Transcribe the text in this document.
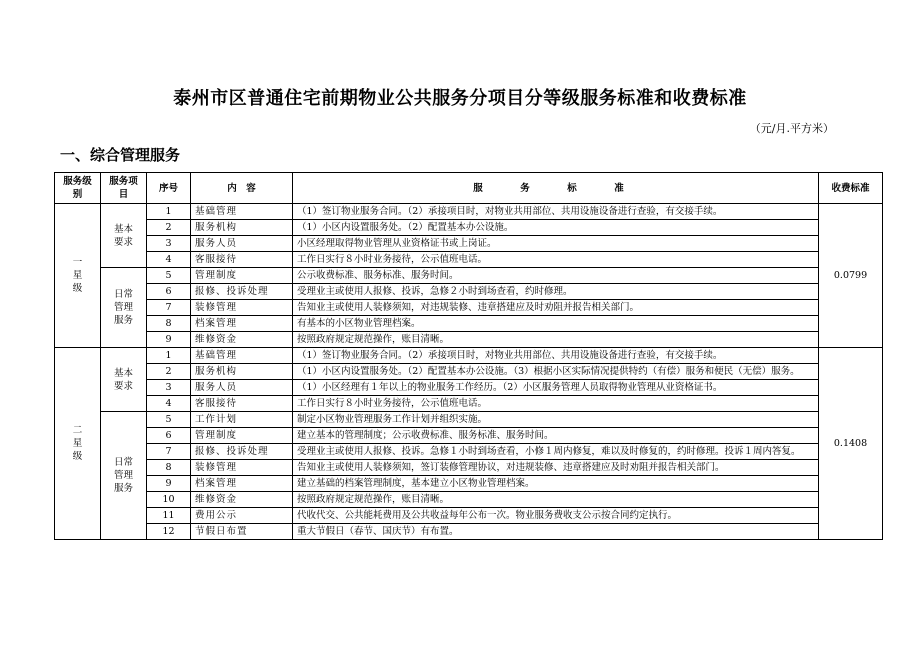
泰州市区普通住宅前期物业公共服务分项目分等级服务标准和收费标准
（元/月.平方米）
一、综合管理服务
服务级别	服务项目	序号	内　容	服　务　标　准	收费标准
一星级	基本要求	1	基础管理	（1）签订物业服务合同。（2）承接项目时，对物业共用部位、共用设施设备进行查验，有交接手续。	0.0799
		2	服务机构	（1）小区内设置服务处。（2）配置基本办公设施。	
		3	服务人员	小区经理取得物业管理从业资格证书或上岗证。	
		4	客服接待	工作日实行８小时业务接待，公示值班电话。	
	日常管理服务	5	管理制度	公示收费标准、服务标准、服务时间。	
		6	报修、投诉处理	受理业主或使用人报修、投诉，急修２小时到场查看，约时修理。	
		7	装修管理	告知业主或使用人装修须知，对违规装修、违章搭建应及时劝阻并报告相关部门。	
		8	档案管理	有基本的小区物业管理档案。	
		9	维修资金	按照政府规定规范操作，账目清晰。	
二星级	基本要求	1	基础管理	（1）签订物业服务合同。（2）承接项目时，对物业共用部位、共用设施设备进行查验，有交接手续。	0.1408
		2	服务机构	（1）小区内设置服务处。（2）配置基本办公设施。（3）根据小区实际情况提供特约（有偿）服务和便民（无偿）服务。	
		3	服务人员	（1）小区经理有１年以上的物业服务工作经历。（2）小区服务管理人员取得物业管理从业资格证书。	
		4	客服接待	工作日实行８小时业务接待，公示值班电话。	
	日常管理服务	5	工作计划	制定小区物业管理服务工作计划并组织实施。	
		6	管理制度	建立基本的管理制度；公示收费标准、服务标准、服务时间。	
		7	报修、投诉处理	受理业主或使用人报修、投诉。急修１小时到场查看，小修１周内修复，难以及时修复的，约时修理。投诉１周内答复。	
		8	装修管理	告知业主或使用人装修须知，签订装修管理协议，对违规装修、违章搭建应及时劝阻并报告相关部门。	
		9	档案管理	建立基础的档案管理制度，基本建立小区物业管理档案。	
		10	维修资金	按照政府规定规范操作，账目清晰。	
		11	费用公示	代收代交、公共能耗费用及公共收益每年公布一次。物业服务费收支公示按合同约定执行。	
		12	节假日布置	重大节假日（春节、国庆节）有布置。	
